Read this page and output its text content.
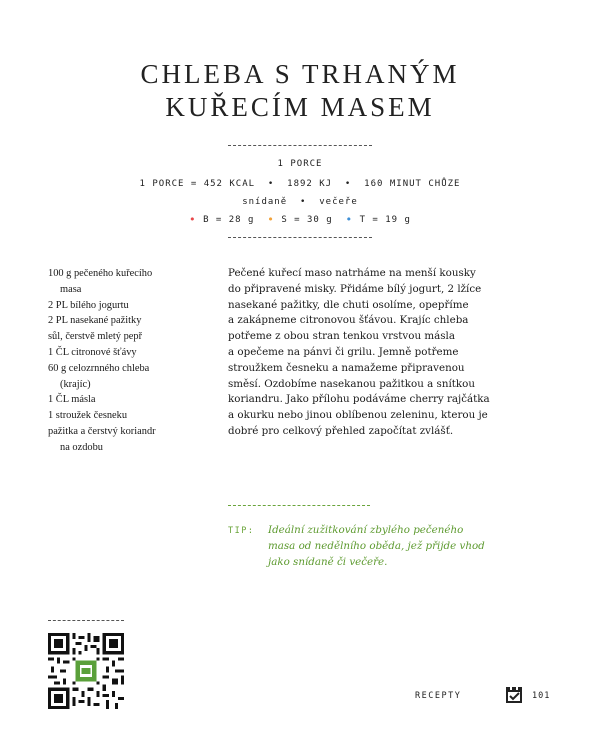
CHLEBA S TRHANÝM
KUŘECÍM MASEM
1 PORCE
1 PORCE = 452 KCAL  •  1892 KJ  •  160 MINUT CHŮZE
snídaně  •  večeře
• B = 28 g • S = 30 g • T = 19 g
100 g pečeného kuřecího
masa
2 PL bílého jogurtu
2 PL nasekané pažitky
sůl, čerstvě mletý pepř
1 ČL citronové šťávy
60 g celozrnného chleba
(krajíc)
1 ČL másla
1 stroužek česneku
pažitka a čerstvý koriandr
na ozdobu
Pečené kuřecí maso natrháme na menší kousky
do připravené misky. Přidáme bílý jogurt, 2 lžíce
nasekané pažitky, dle chuti osolíme, opepříme
a zakápneme citronovou šťávou. Krajíc chleba
potřeme z obou stran tenkou vrstvou másla
a opečeme na pánvi či grilu. Jemně potřeme
stroužkem česneku a namažeme připravenou
směsí. Ozdobíme nasekanou pažitkou a snítkou
koriandru. Jako přílohu podáváme cherry rajčátka
a okurku nebo jinou oblíbenou zeleninu, kterou je
dobré pro celkový přehled započítat zvlášť.
TIP: Ideální zužitkování zbylého pečeného
masa od nedělního oběda, jež přijde vhod
jako snídaně či večeře.
RECEPTY	101
